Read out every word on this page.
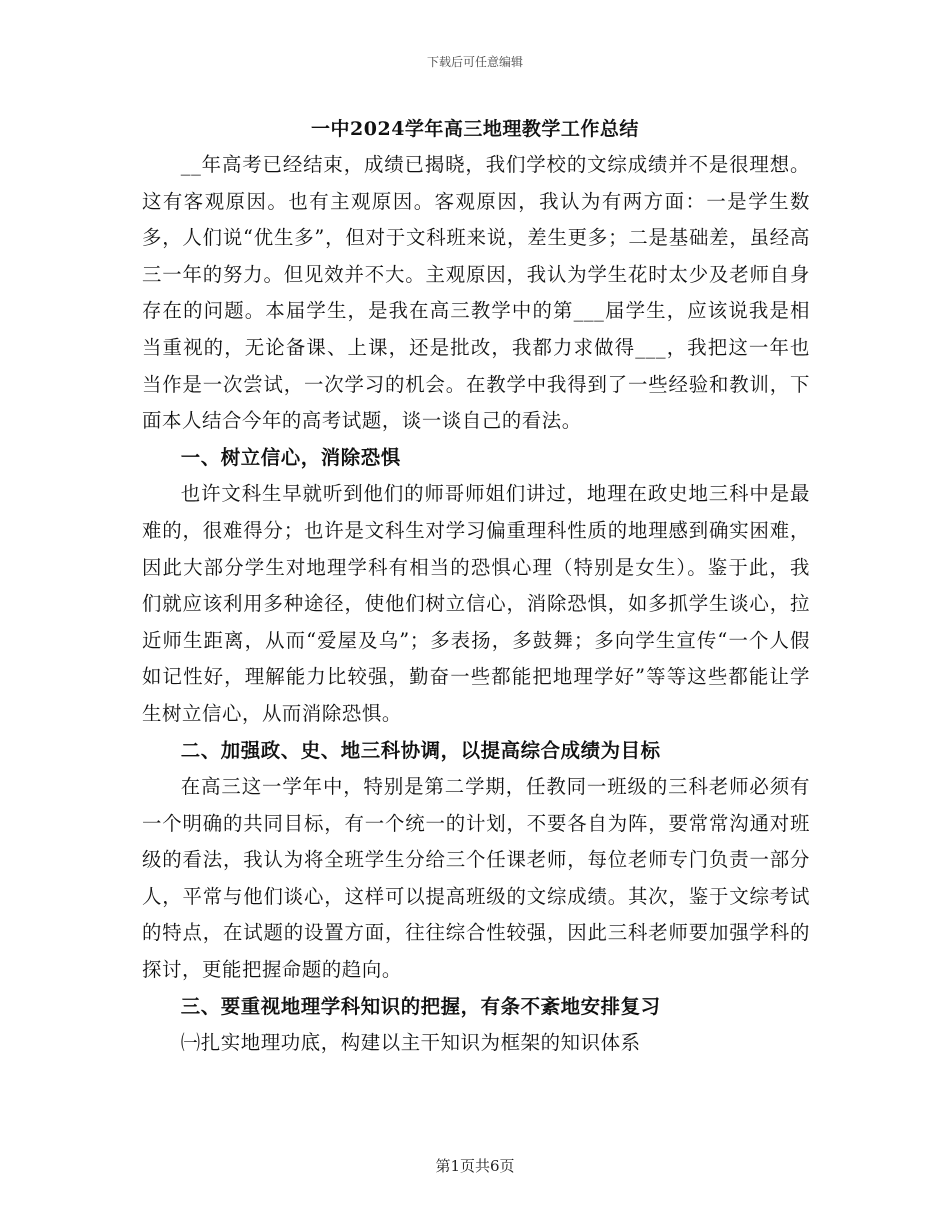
下载后可任意编辑
一中2024学年高三地理教学工作总结

__年高考已经结束，成绩已揭晓，我们学校的文综成绩并不是很理想。这有客观原因。也有主观原因。客观原因，我认为有两方面：一是学生数多，人们说“优生多”，但对于文科班来说，差生更多；二是基础差，虽经高三一年的努力。但见效并不大。主观原因，我认为学生花时太少及老师自身存在的问题。本届学生，是我在高三教学中的第___届学生，应该说我是相当重视的，无论备课、上课，还是批改，我都力求做得___，我把这一年也当作是一次尝试，一次学习的机会。在教学中我得到了一些经验和教训，下面本人结合今年的高考试题，谈一谈自己的看法。

一、树立信心，消除恐惧

也许文科生早就听到他们的师哥师姐们讲过，地理在政史地三科中是最难的，很难得分；也许是文科生对学习偏重理科性质的地理感到确实困难，因此大部分学生对地理学科有相当的恐惧心理（特别是女生）。鉴于此，我们就应该利用多种途径，使他们树立信心，消除恐惧，如多抓学生谈心，拉近师生距离，从而“爱屋及乌”；多表扬，多鼓舞；多向学生宣传“一个人假如记性好，理解能力比较强，勤奋一些都能把地理学好”等等这些都能让学生树立信心，从而消除恐惧。

二、加强政、史、地三科协调，以提高综合成绩为目标

在高三这一学年中，特别是第二学期，任教同一班级的三科老师必须有一个明确的共同目标，有一个统一的计划，不要各自为阵，要常常沟通对班级的看法，我认为将全班学生分给三个任课老师，每位老师专门负责一部分人，平常与他们谈心，这样可以提高班级的文综成绩。其次，鉴于文综考试的特点，在试题的设置方面，往往综合性较强，因此三科老师要加强学科的探讨，更能把握命题的趋向。

三、要重视地理学科知识的把握，有条不紊地安排复习

㈠扎实地理功底，构建以主干知识为框架的知识体系

第1页共6页
